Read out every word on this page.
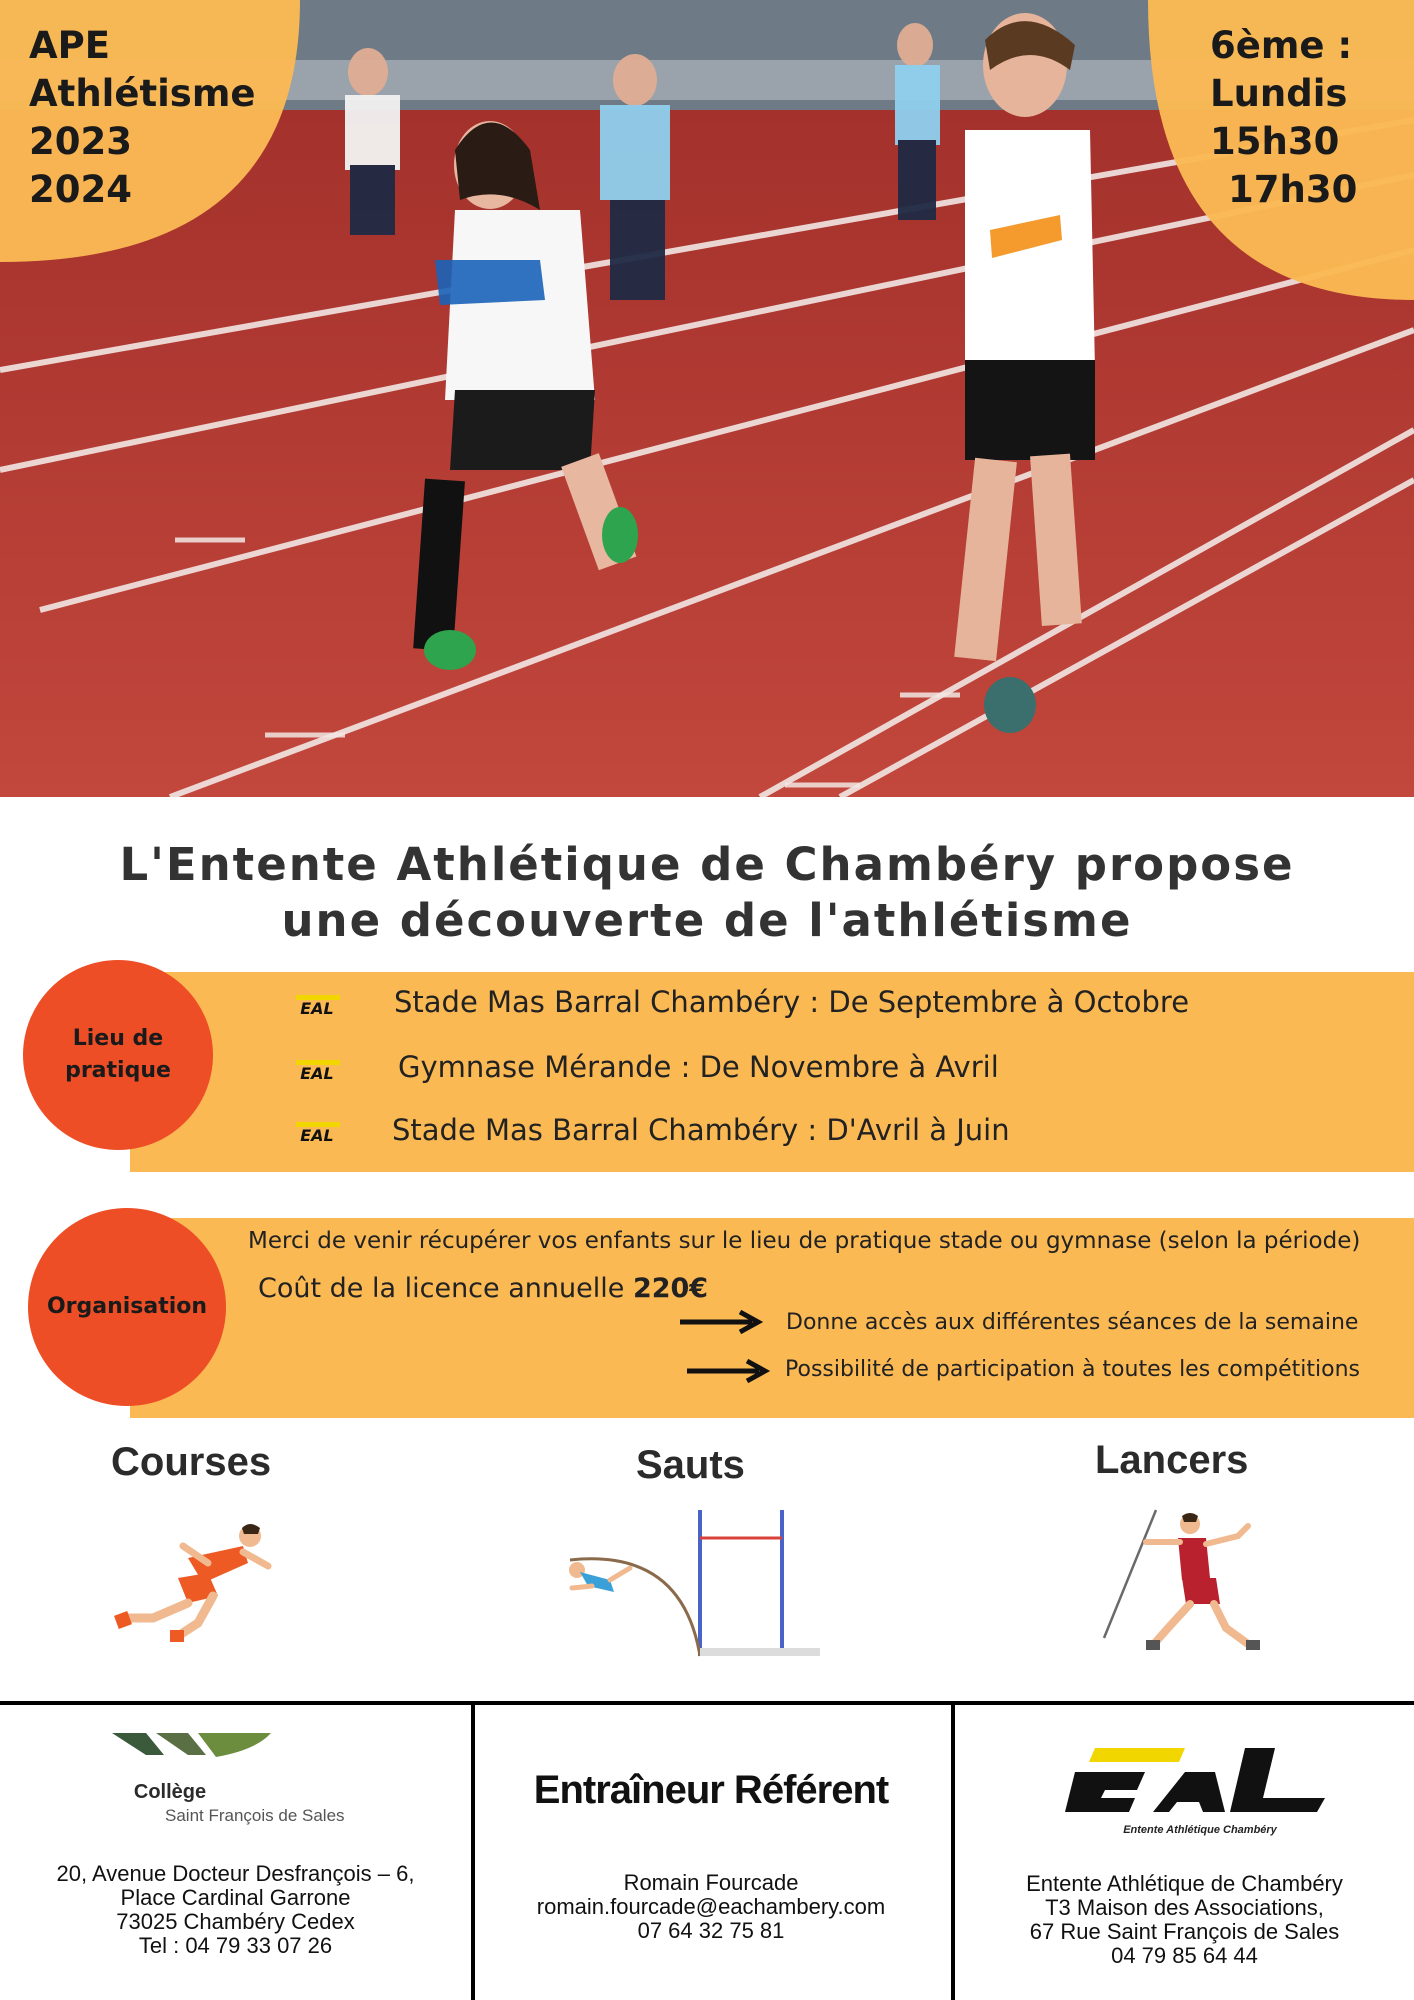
APE
Athlétisme
2023
2024
6ème :
Lundis
15h30
17h30
L'Entente Athlétique de Chambéry propose
une découverte de l'athlétisme
Lieu de
pratique
EAL Stade Mas Barral Chambéry : De Septembre à Octobre
EAL Gymnase Mérande : De Novembre à Avril
EAL Stade Mas Barral Chambéry : D'Avril à Juin
Organisation
Merci de venir récupérer vos enfants sur le lieu de pratique stade ou gymnase (selon la période)
Coût de la licence annuelle 220€
Donne accès aux différentes séances de la semaine
Possibilité de participation à toutes les compétitions
Courses	Sauts	Lancers
Collège
Saint François de Sales
20, Avenue Docteur Desfrançois – 6,
Place Cardinal Garrone
73025 Chambéry Cedex
Tel : 04 79 33 07 26
Entraîneur Référent
Romain Fourcade
romain.fourcade@eachambery.com
07 64 32 75 81
Entente Athlétique Chambéry
Entente Athlétique de Chambéry
T3 Maison des Associations,
67 Rue Saint François de Sales
04 79 85 64 44
